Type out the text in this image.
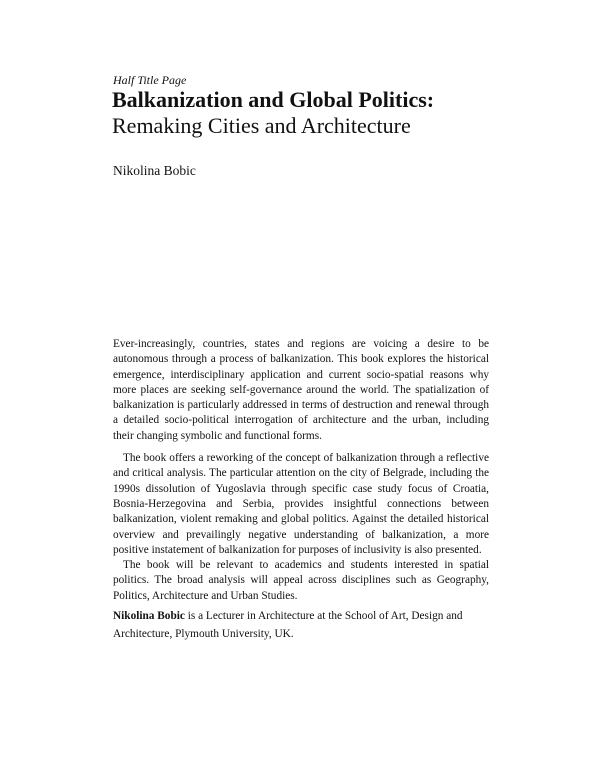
Half Title Page
Balkanization and Global Politics:
Remaking Cities and Architecture
Nikolina Bobic

Ever-increasingly, countries, states and regions are voicing a desire to be autonomous through a process of balkanization. This book explores the historical emergence, interdisciplinary application and current socio-spatial reasons why more places are seeking self-governance around the world. The spatialization of balkanization is particularly addressed in terms of destruction and renewal through a detailed socio-political interrogation of architecture and the urban, including their changing symbolic and functional forms.

The book offers a reworking of the concept of balkanization through a reflective and critical analysis. The particular attention on the city of Belgrade, including the 1990s dissolution of Yugoslavia through specific case study focus of Croatia, Bosnia-Herzegovina and Serbia, provides insightful connections between balkanization, violent remaking and global politics. Against the detailed historical overview and prevailingly negative understanding of balkanization, a more positive instatement of balkanization for purposes of inclusivity is also presented.

The book will be relevant to academics and students interested in spatial politics. The broad analysis will appeal across disciplines such as Geography, Politics, Architecture and Urban Studies.

Nikolina Bobic is a Lecturer in Architecture at the School of Art, Design and Architecture, Plymouth University, UK.
